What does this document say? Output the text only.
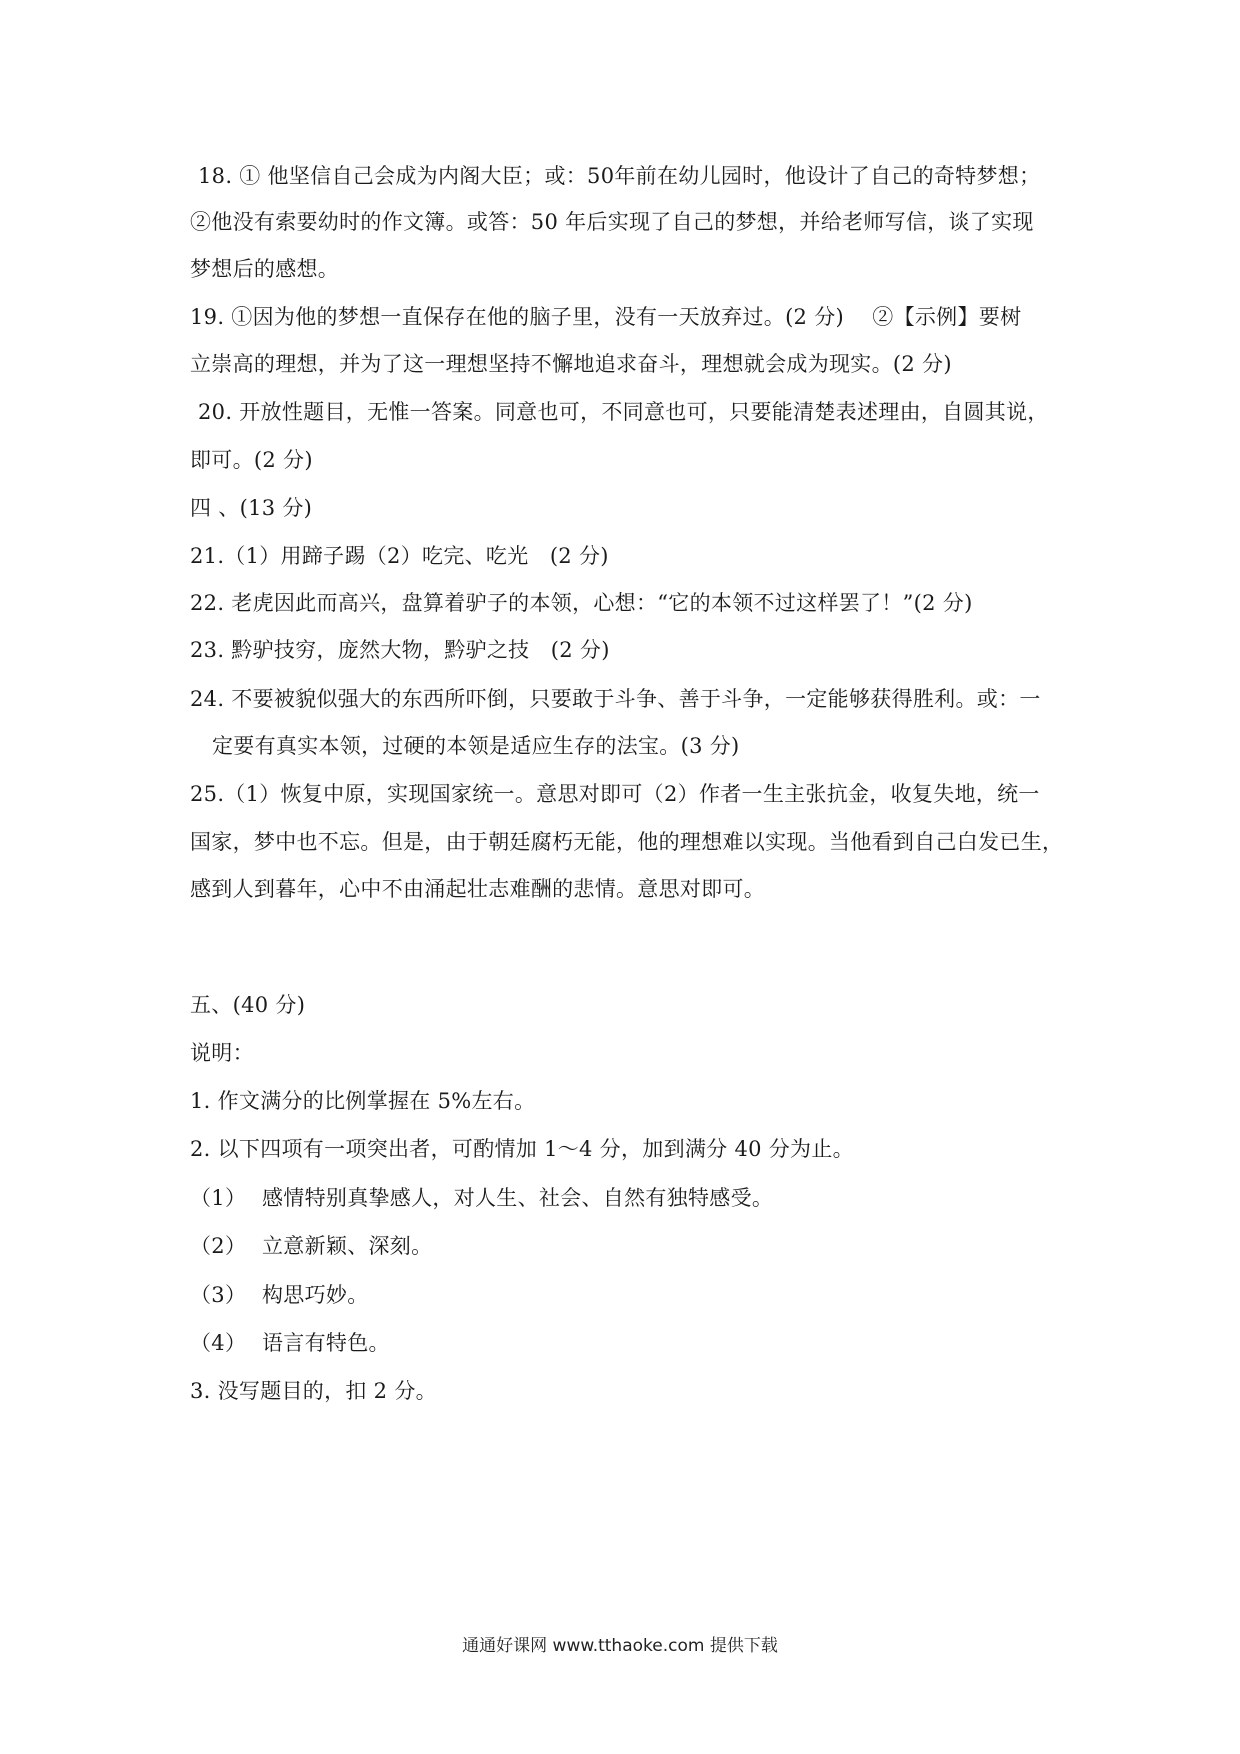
18. ① 他坚信自己会成为内阁大臣；或：50年前在幼儿园时，他设计了自己的奇特梦想；
②他没有索要幼时的作文簿。或答：50 年后实现了自己的梦想，并给老师写信，谈了实现
梦想后的感想。
19. ①因为他的梦想一直保存在他的脑子里，没有一天放弃过。(2 分)　 ②【示例】要树
立崇高的理想，并为了这一理想坚持不懈地追求奋斗，理想就会成为现实。(2 分)
20. 开放性题目，无惟一答案。同意也可，不同意也可，只要能清楚表述理由，自圆其说，
即可。(2 分)
四 、(13 分)
21.（1）用蹄子踢（2）吃完、吃光　(2 分)
22. 老虎因此而高兴，盘算着驴子的本领，心想：“它的本领不过这样罢了！”(2 分)
23. 黔驴技穷，庞然大物，黔驴之技　(2 分)
24. 不要被貌似强大的东西所吓倒，只要敢于斗争、善于斗争，一定能够获得胜利。或：一
定要有真实本领，过硬的本领是适应生存的法宝。(3 分)
25.（1）恢复中原，实现国家统一。意思对即可（2）作者一生主张抗金，收复失地，统一
国家，梦中也不忘。但是，由于朝廷腐朽无能，他的理想难以实现。当他看到自己白发已生，
感到人到暮年，心中不由涌起壮志难酬的悲情。意思对即可。
五、(40 分)
说明：
1. 作文满分的比例掌握在 5%左右。
2. 以下四项有一项突出者，可酌情加 1～4 分，加到满分 40 分为止。
（1） 感情特别真挚感人，对人生、社会、自然有独特感受。
（2） 立意新颖、深刻。
（3） 构思巧妙。
（4） 语言有特色。
3. 没写题目的，扣 2 分。
通通好课网 www.tthaoke.com 提供下载
